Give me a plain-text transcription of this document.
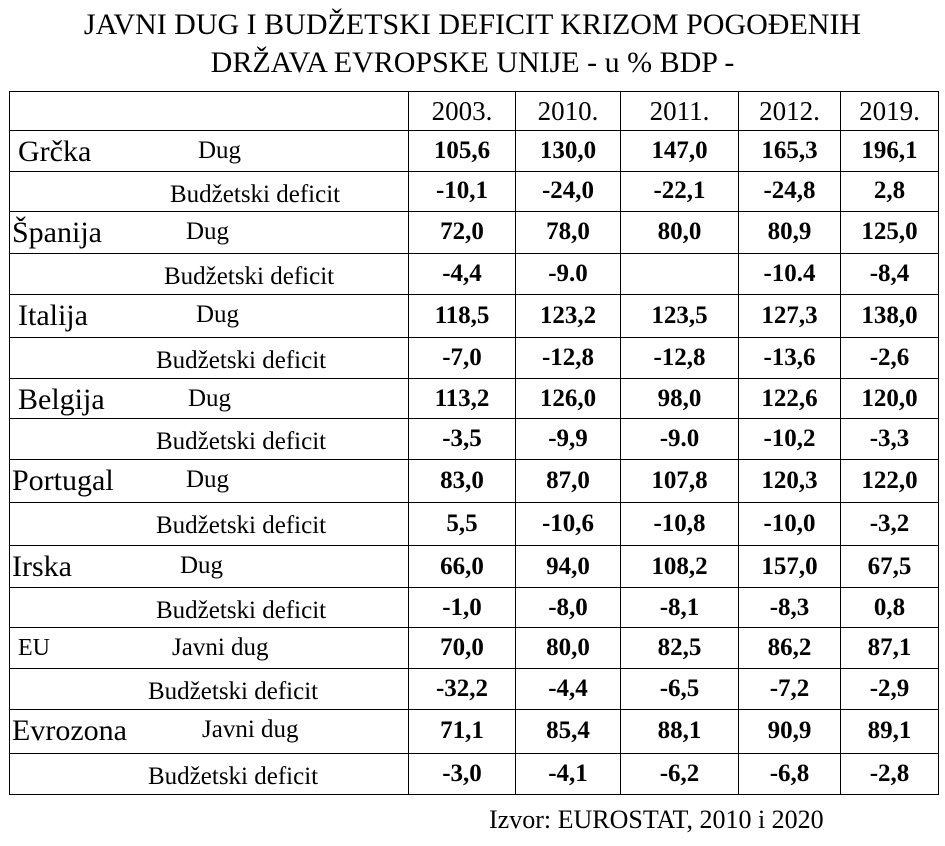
JAVNI DUG I BUDŽETSKI DEFICIT KRIZOM POGOĐENIH
DRŽAVA EVROPSKE UNIJE - u % BDP -
	2003.	2010.	2011.	2012.	2019.

Grčka Dug	105,6	130,0	147,0	165,3	196,1

Budžetski deficit	-10,1	-24,0	-22,1	-24,8	2,8

Španija Dug	72,0	78,0	80,0	80,9	125,0

Budžetski deficit	-4,4	-9.0		-10.4	-8,4

Italija Dug	118,5	123,2	123,5	127,3	138,0

Budžetski deficit	-7,0	-12,8	-12,8	-13,6	-2,6

Belgija Dug	113,2	126,0	98,0	122,6	120,0

Budžetski deficit	-3,5	-9,9	-9.0	-10,2	-3,3

Portugal Dug	83,0	87,0	107,8	120,3	122,0

Budžetski deficit	5,5	-10,6	-10,8	-10,0	-3,2

Irska Dug	66,0	94,0	108,2	157,0	67,5

Budžetski deficit	-1,0	-8,0	-8,1	-8,3	0,8

EU Javni dug	70,0	80,0	82,5	86,2	87,1

Budžetski deficit	-32,2	-4,4	-6,5	-7,2	-2,9

Evrozona Javni dug	71,1	85,4	88,1	90,9	89,1

Budžetski deficit	-3,0	-4,1	-6,2	-6,8	-2,8
Izvor: EUROSTAT, 2010 i 2020
